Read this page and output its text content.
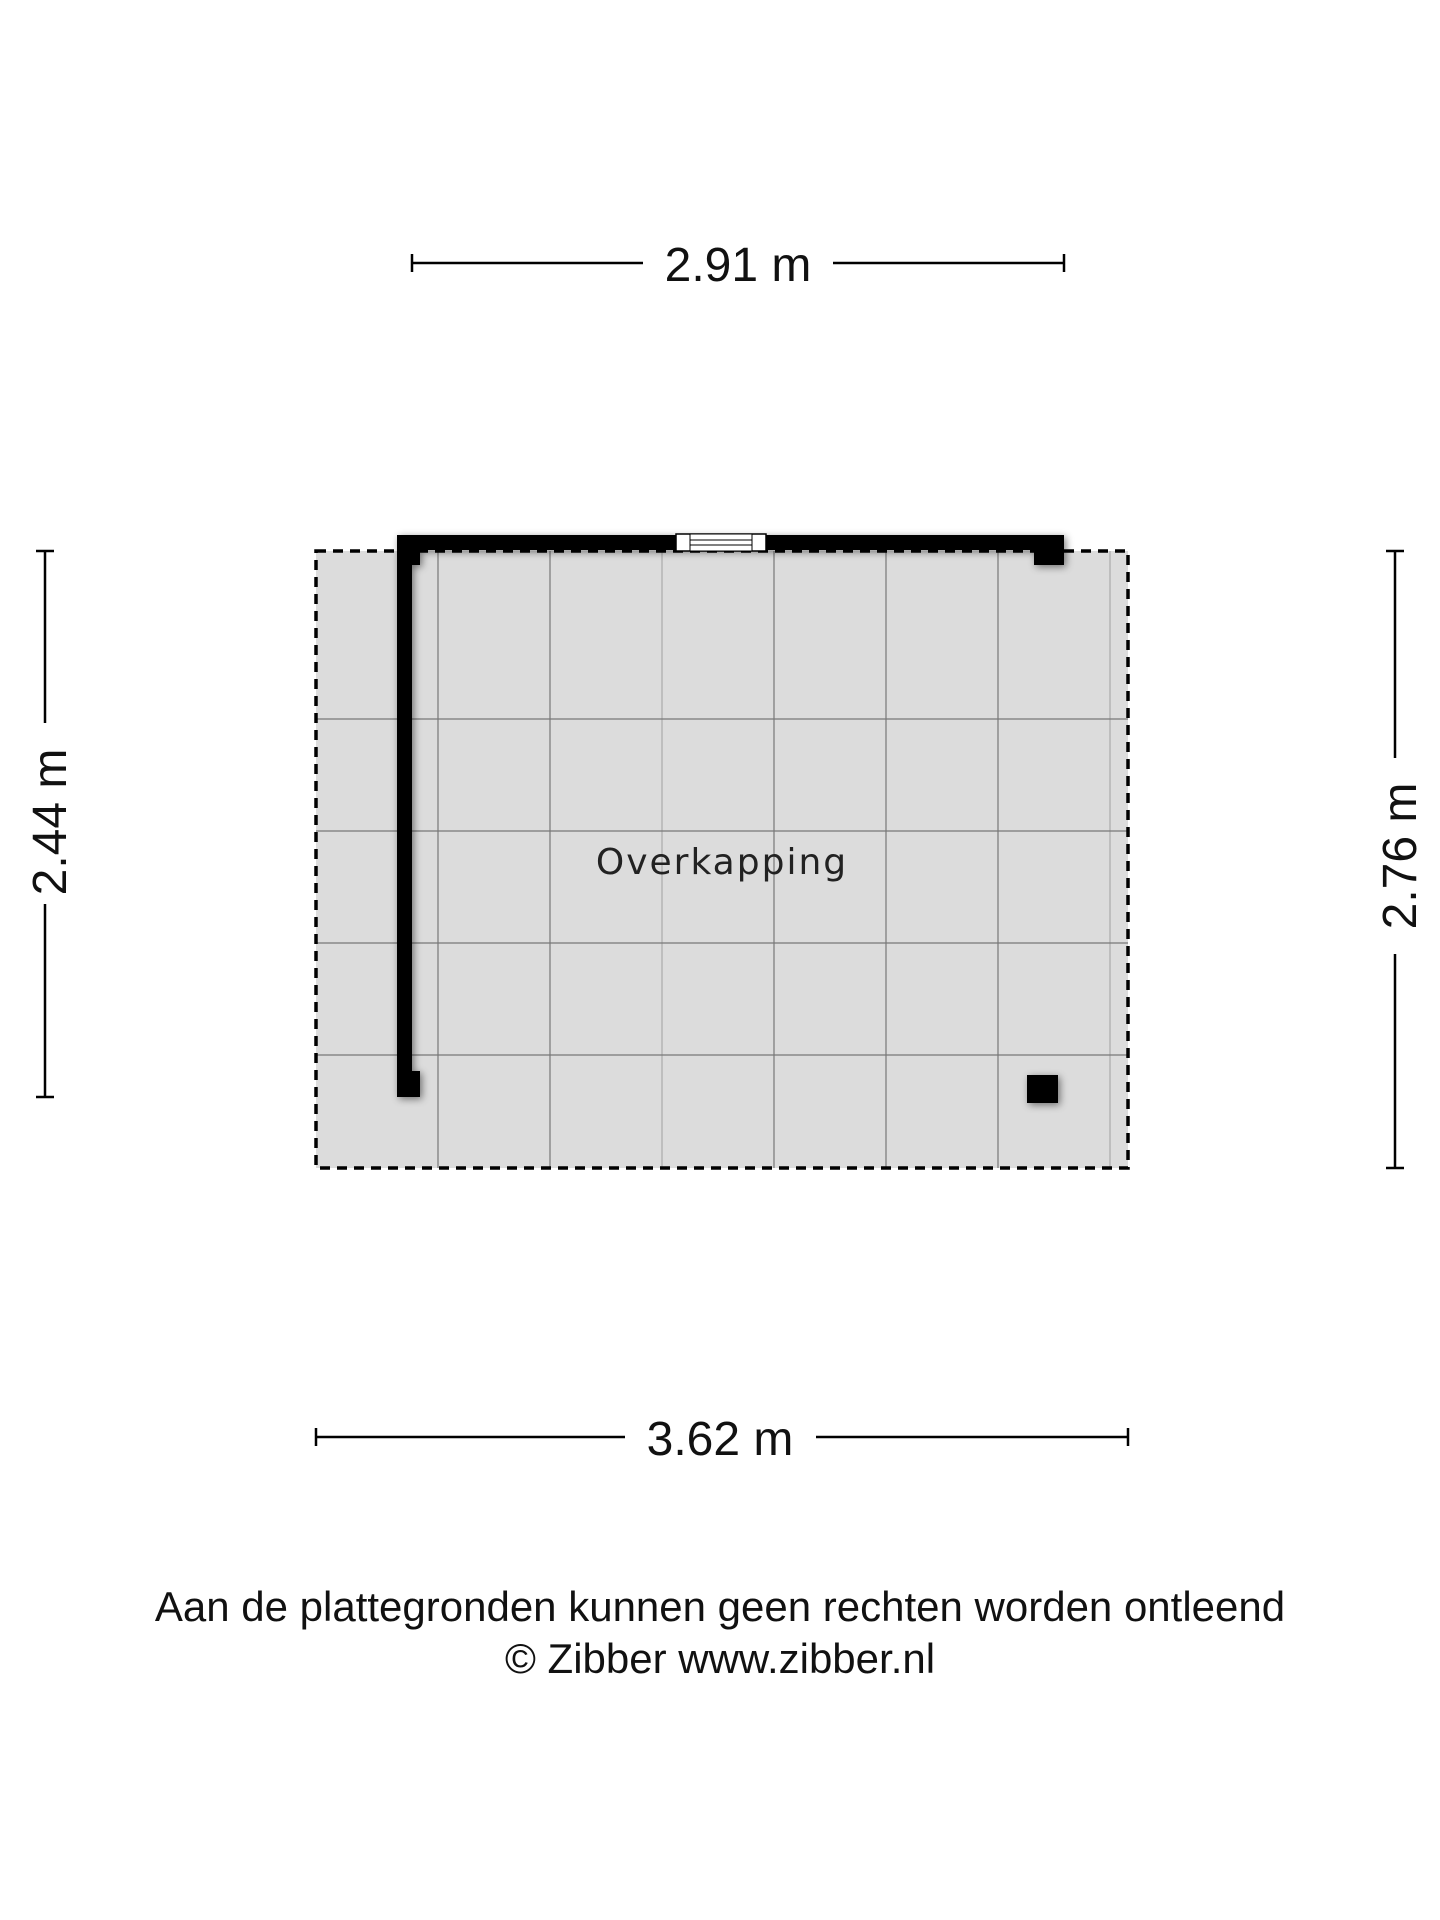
Overkapping
2.91 m
3.62 m
2.44 m	2.76 m
Aan de plattegronden kunnen geen rechten worden ontleend
© Zibber www.zibber.nl
